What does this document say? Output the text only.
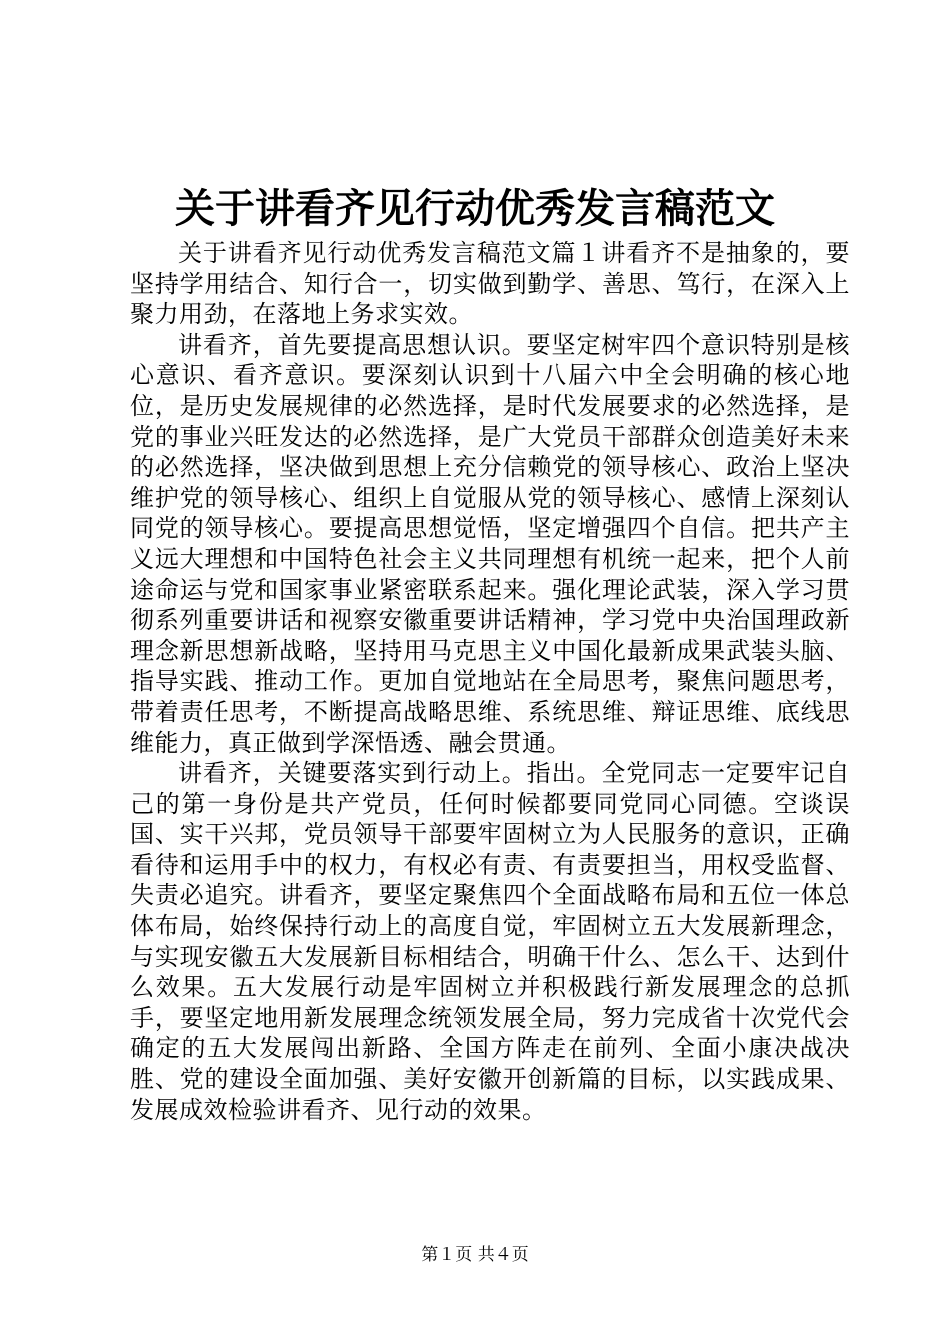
关于讲看齐见行动优秀发言稿范文

关于讲看齐见行动优秀发言稿范文篇１讲看齐不是抽象的，要坚持学用结合、知行合一，切实做到勤学、善思、笃行，在深入上聚力用劲，在落地上务求实效。

讲看齐，首先要提高思想认识。要坚定树牢四个意识特别是核心意识、看齐意识。要深刻认识到十八届六中全会明确的核心地位，是历史发展规律的必然选择，是时代发展要求的必然选择，是党的事业兴旺发达的必然选择，是广大党员干部群众创造美好未来的必然选择，坚决做到思想上充分信赖党的领导核心、政治上坚决维护党的领导核心、组织上自觉服从党的领导核心、感情上深刻认同党的领导核心。要提高思想觉悟，坚定增强四个自信。把共产主义远大理想和中国特色社会主义共同理想有机统一起来，把个人前途命运与党和国家事业紧密联系起来。强化理论武装，深入学习贯彻系列重要讲话和视察安徽重要讲话精神，学习党中央治国理政新理念新思想新战略，坚持用马克思主义中国化最新成果武装头脑、指导实践、推动工作。更加自觉地站在全局思考，聚焦问题思考，带着责任思考，不断提高战略思维、系统思维、辩证思维、底线思维能力，真正做到学深悟透、融会贯通。

讲看齐，关键要落实到行动上。指出。全党同志一定要牢记自己的第一身份是共产党员，任何时候都要同党同心同德。空谈误国、实干兴邦，党员领导干部要牢固树立为人民服务的意识，正确看待和运用手中的权力，有权必有责、有责要担当，用权受监督、失责必追究。讲看齐，要坚定聚焦四个全面战略布局和五位一体总体布局，始终保持行动上的高度自觉，牢固树立五大发展新理念，与实现安徽五大发展新目标相结合，明确干什么、怎么干、达到什么效果。五大发展行动是牢固树立并积极践行新发展理念的总抓手，要坚定地用新发展理念统领发展全局，努力完成省十次党代会确定的五大发展闯出新路、全国方阵走在前列、全面小康决战决胜、党的建设全面加强、美好安徽开创新篇的目标，以实践成果、发展成效检验讲看齐、见行动的效果。

第１页 共４页
